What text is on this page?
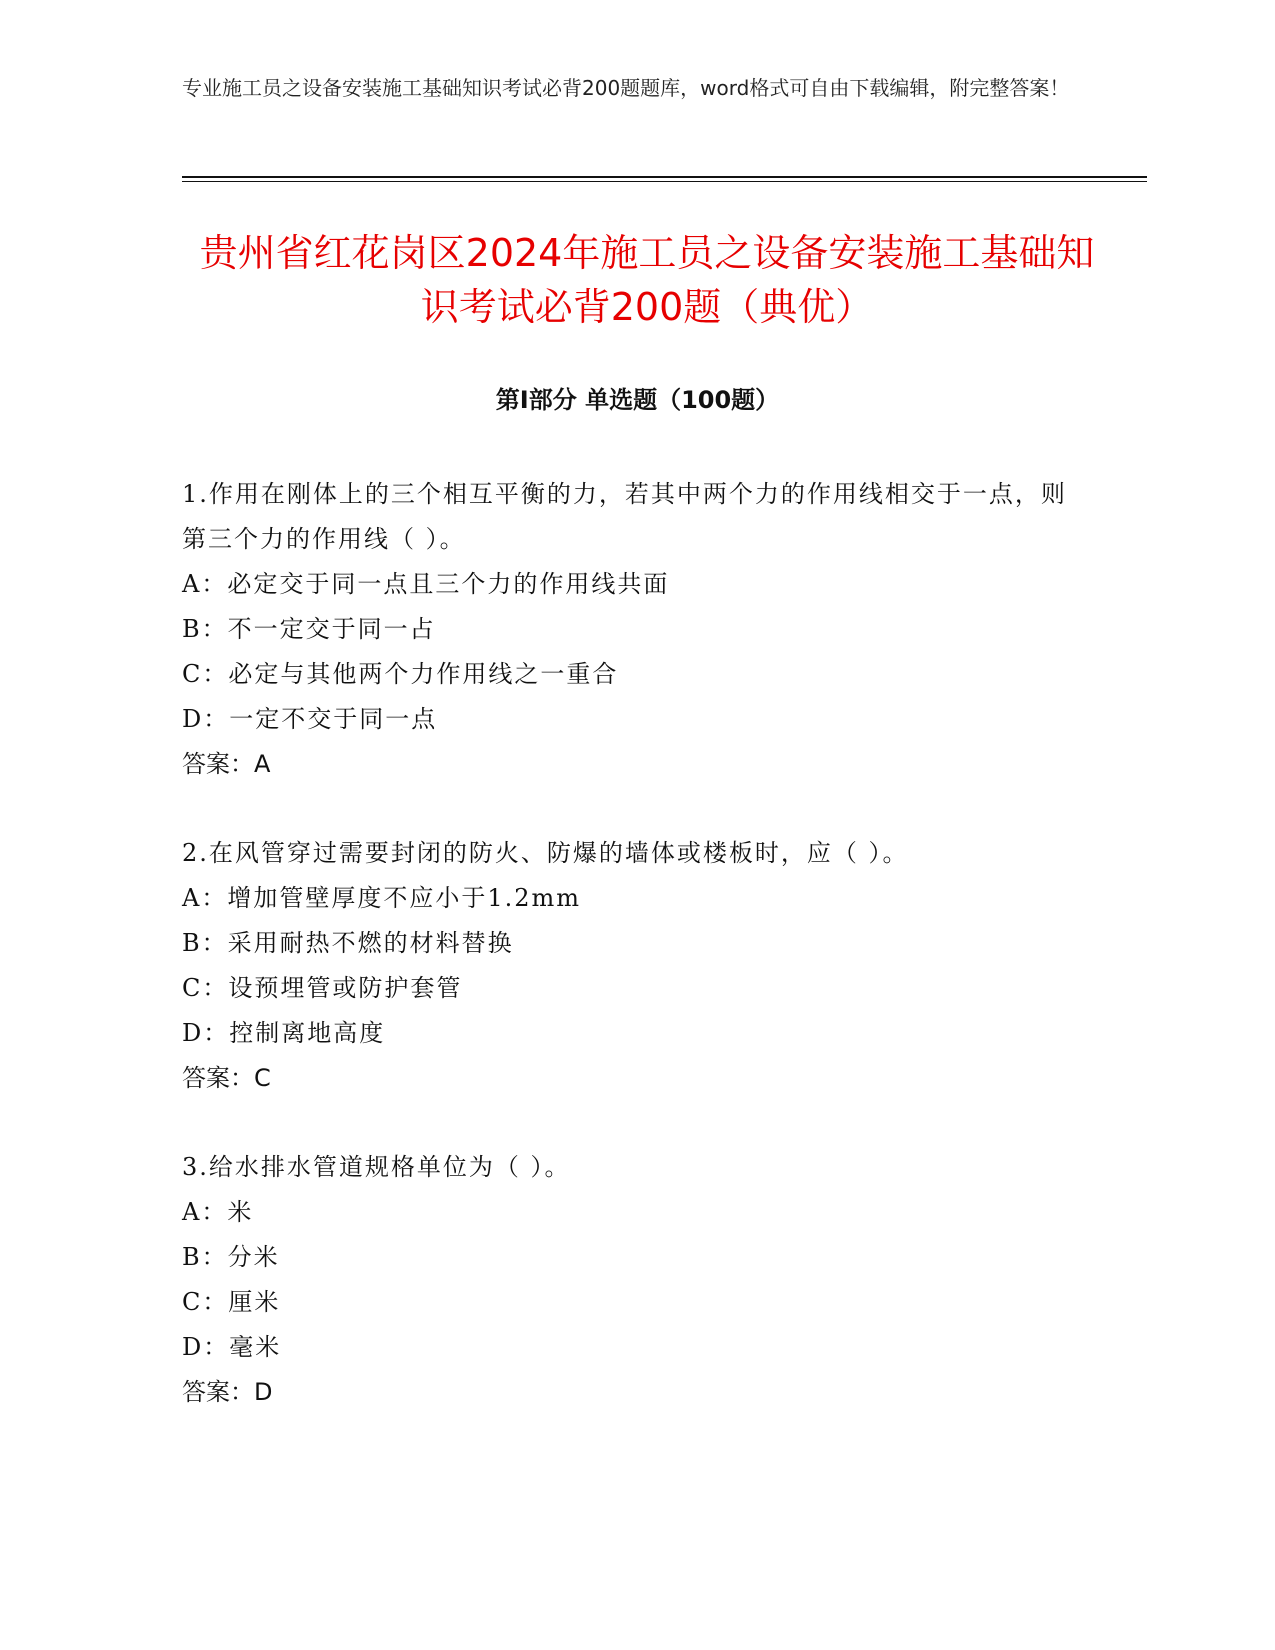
专业施工员之设备安装施工基础知识考试必背200题题库，word格式可自由下载编辑，附完整答案！
贵州省红花岗区2024年施工员之设备安装施工基础知识考试必背200题（典优）
第Ⅰ部分 单选题（100题）

1.作用在刚体上的三个相互平衡的力，若其中两个力的作用线相交于一点，则第三个力的作用线（ ）。

A：必定交于同一点且三个力的作用线共面

B：不一定交于同一占

C：必定与其他两个力作用线之一重合

D：一定不交于同一点

答案：A

2.在风管穿过需要封闭的防火、防爆的墙体或楼板时，应（ ）。

A：增加管壁厚度不应小于1.2mm

B：采用耐热不燃的材料替换

C：设预埋管或防护套管

D：控制离地高度

答案：C

3.给水排水管道规格单位为（ ）。

A：米

B：分米

C：厘米

D：毫米

答案：D
